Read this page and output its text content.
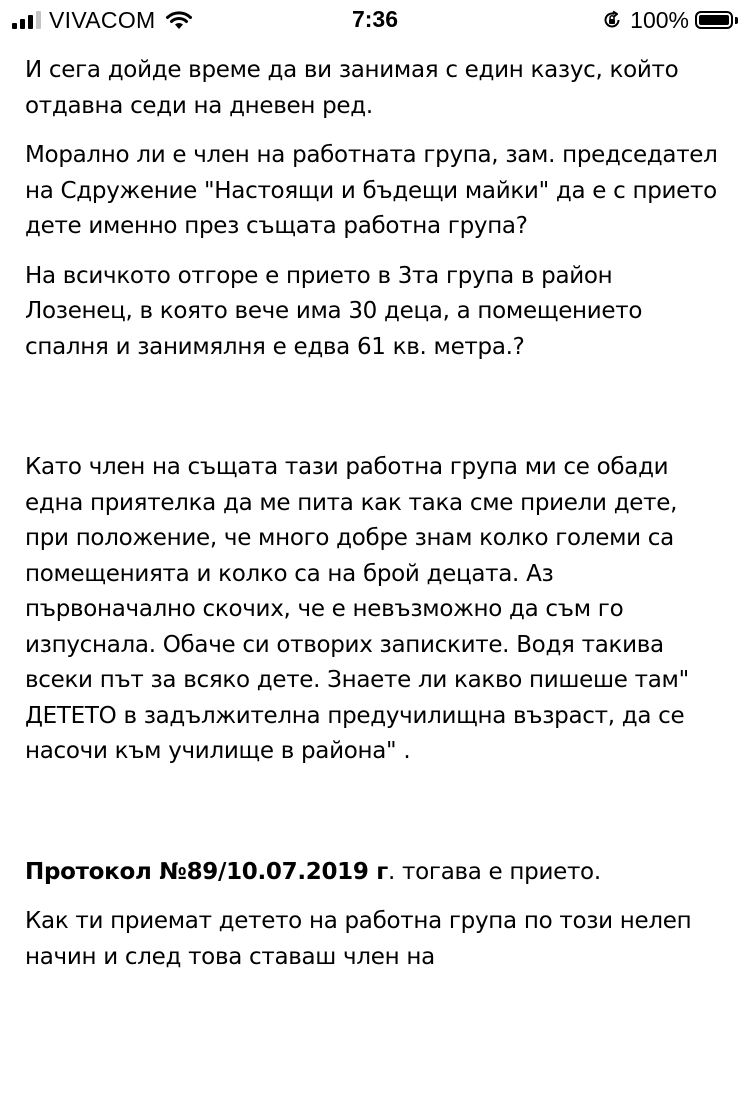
VIVACOM	7:36	100%

И сега дойде време да ви занимая с един казус, който отдавна седи на дневен ред.

Морално ли е член на работната група, зам. председател на Сдружение "Настоящи и бъдещи майки" да е с прието дете именно през същата работна група?

На всичкото отгоре е прието в 3та група в район Лозенец, в която вече има 30 деца, а помещението спалня и занимялня е едва 61 кв. метра.?

Като член на същата тази работна група ми се обади една приятелка да ме пита как така сме приели дете, при положение, че много добре знам колко големи са помещенията и колко са на брой децата. Аз първоначално скочих, че е невъзможно да съм го изпуснала. Обаче си отворих записките. Водя такива всеки път за всяко дете. Знаете ли какво пишеше там" ДЕТЕТО в задължителна предучилищна възраст, да се насочи към училище в района" .

Протокол №89/10.07.2019 г. тогава е прието.

Как ти приемат детето на работна група по този нелеп начин и след това ставаш член на
